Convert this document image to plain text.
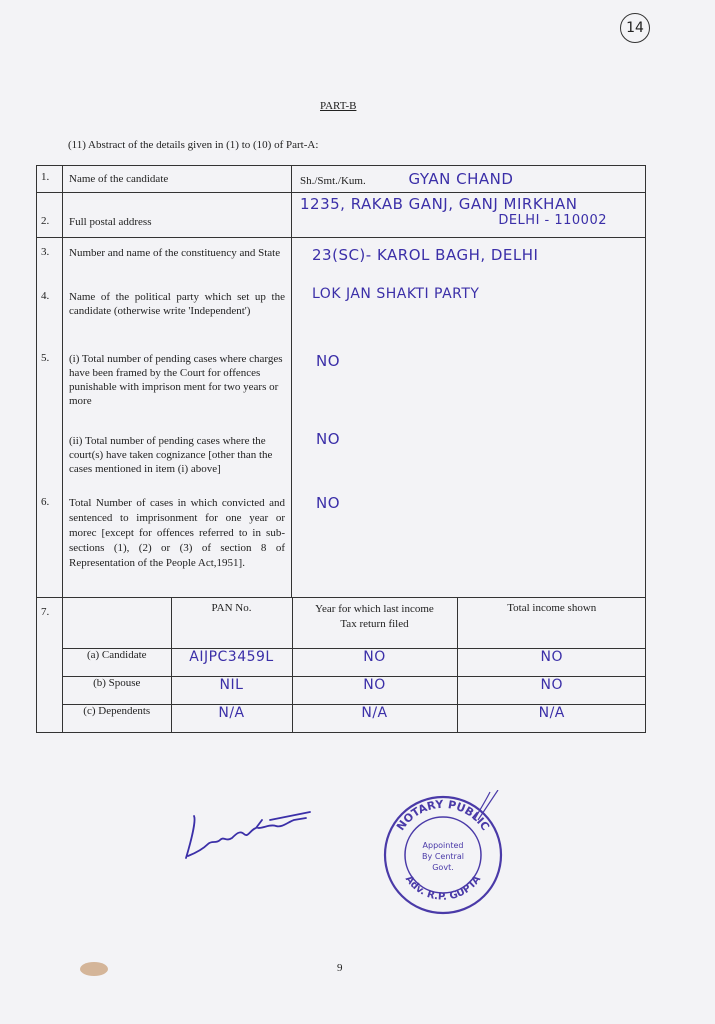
14
PART-B
(11) Abstract of the details given in (1) to (10) of Part-A:
1.	Name of the candidate	Sh./Smt./Kum.	GYAN CHAND
2.	Full postal address	
1235, RAKAB GANJ, GANJ MIRKHAN
DELHI - 110002

3.	Number and name of the constituency and State	23(SC)- KAROL BAGH, DELHI
4.	Name of the political party which set up the candidate (otherwise write 'Independent')	LOK JAN SHAKTI PARTY
5.	(i) Total number of pending cases where charges have been framed by the Court for offences punishable with imprison ment for two years or more	NO
	(ii) Total number of pending cases where the court(s) have taken cognizance [other than the cases mentioned in item (i) above]	NO
6.	Total Number of cases in which convicted and sentenced to imprisonment for one year or morec [except for offences referred to in sub-sections (1), (2) or (3) of section 8 of Representation of the People Act,1951].	NO
7.	
		PAN No.	Year for which last income Tax return filed	Total income shown
(a) Candidate	AIJPC3459L	NO	NO
(b) Spouse	NIL	NO	NO
(c) Dependents	N/A	N/A	N/A
NOTARY PUBLIC
Adv. R.P. GUPTA
Appointed
By Central
Govt.
9
